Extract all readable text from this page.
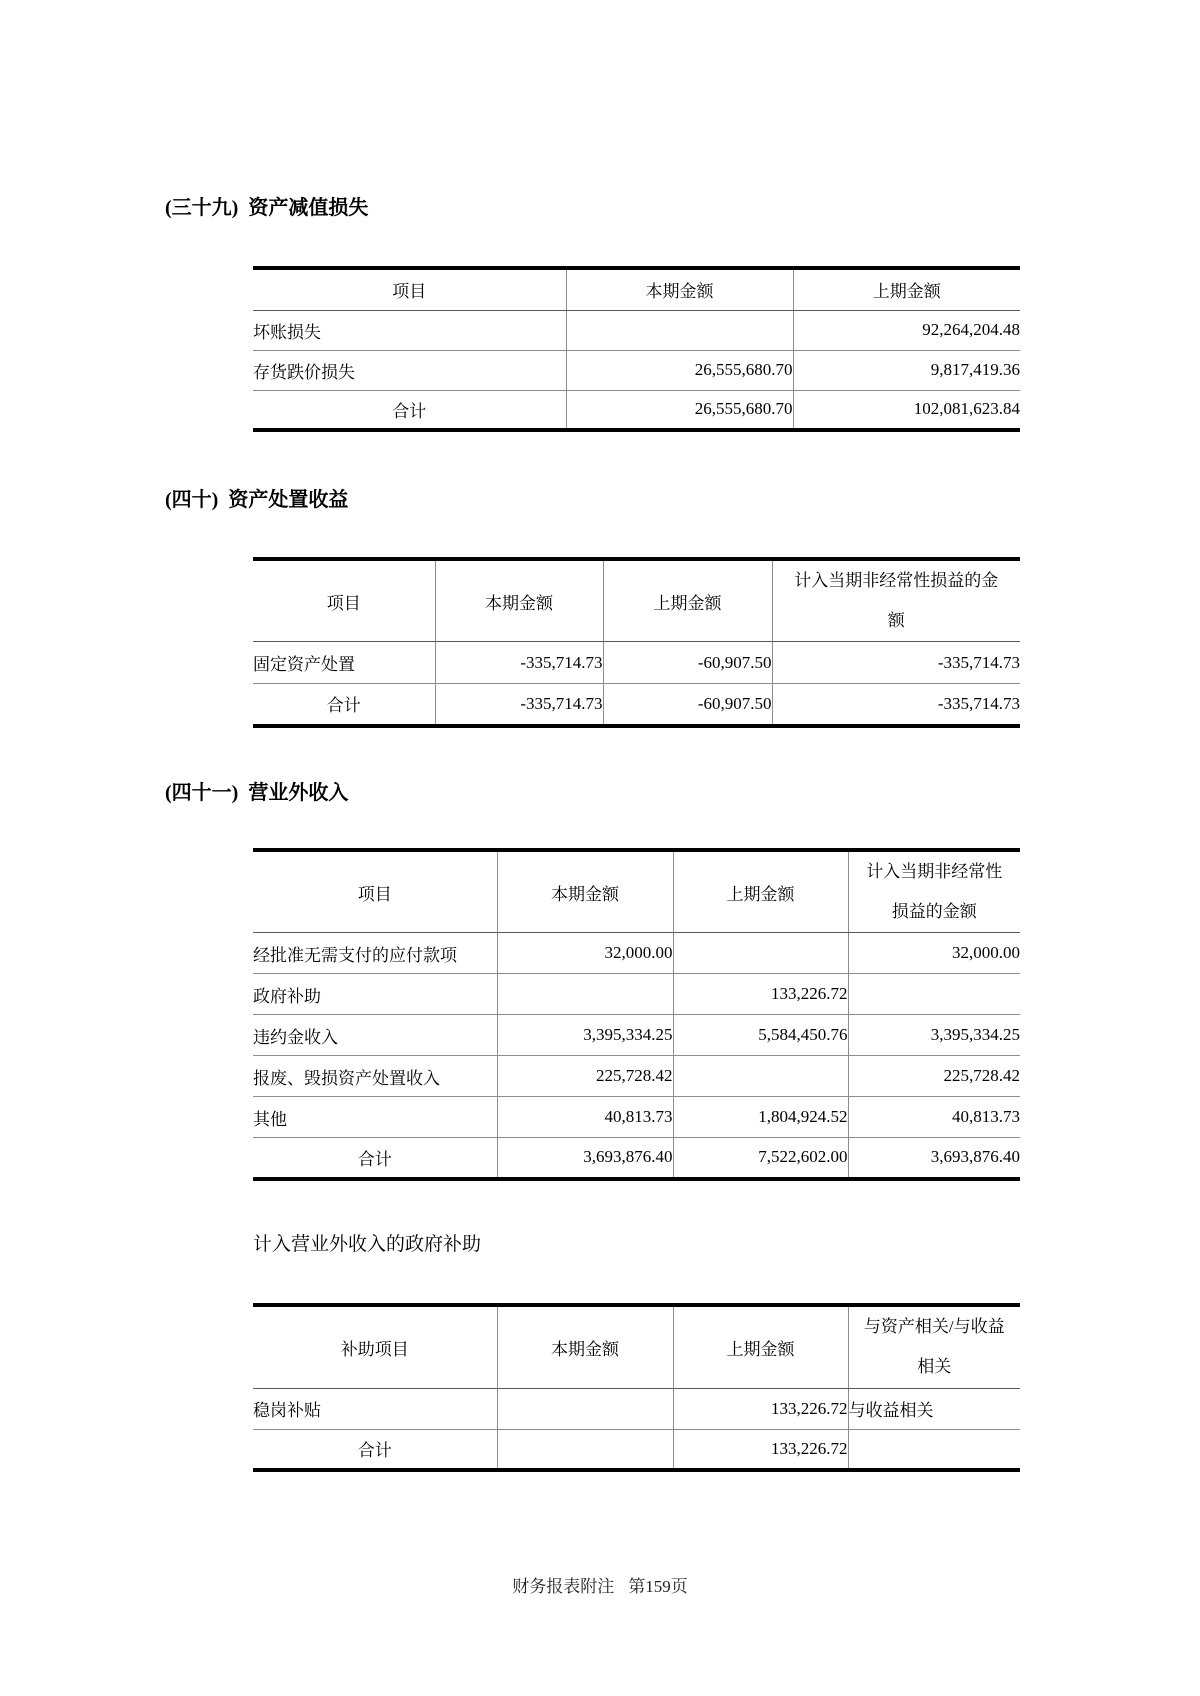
(三十九) 资产减值损失
项目	本期金额	上期金额
坏账损失		92,264,204.48
存货跌价损失	26,555,680.70	9,817,419.36
合计	26,555,680.70	102,081,623.84
(四十) 资产处置收益
项目	本期金额	上期金额	计入当期非经常性损益的金
额

固定资产处置	-335,714.73	-60,907.50	-335,714.73
合计	-335,714.73	-60,907.50	-335,714.73
(四十一) 营业外收入
项目	本期金额	上期金额	计入当期非经常性
损益的金额

经批准无需支付的应付款项	32,000.00		32,000.00
政府补助		133,226.72	
违约金收入	3,395,334.25	5,584,450.76	3,395,334.25
报废、毁损资产处置收入	225,728.42		225,728.42
其他	40,813.73	1,804,924.52	40,813.73
合计	3,693,876.40	7,522,602.00	3,693,876.40
计入营业外收入的政府补助
补助项目	本期金额	上期金额	与资产相关/与收益
相关

稳岗补贴		133,226.72	与收益相关
合计		133,226.72	
财务报表附注 第159页
